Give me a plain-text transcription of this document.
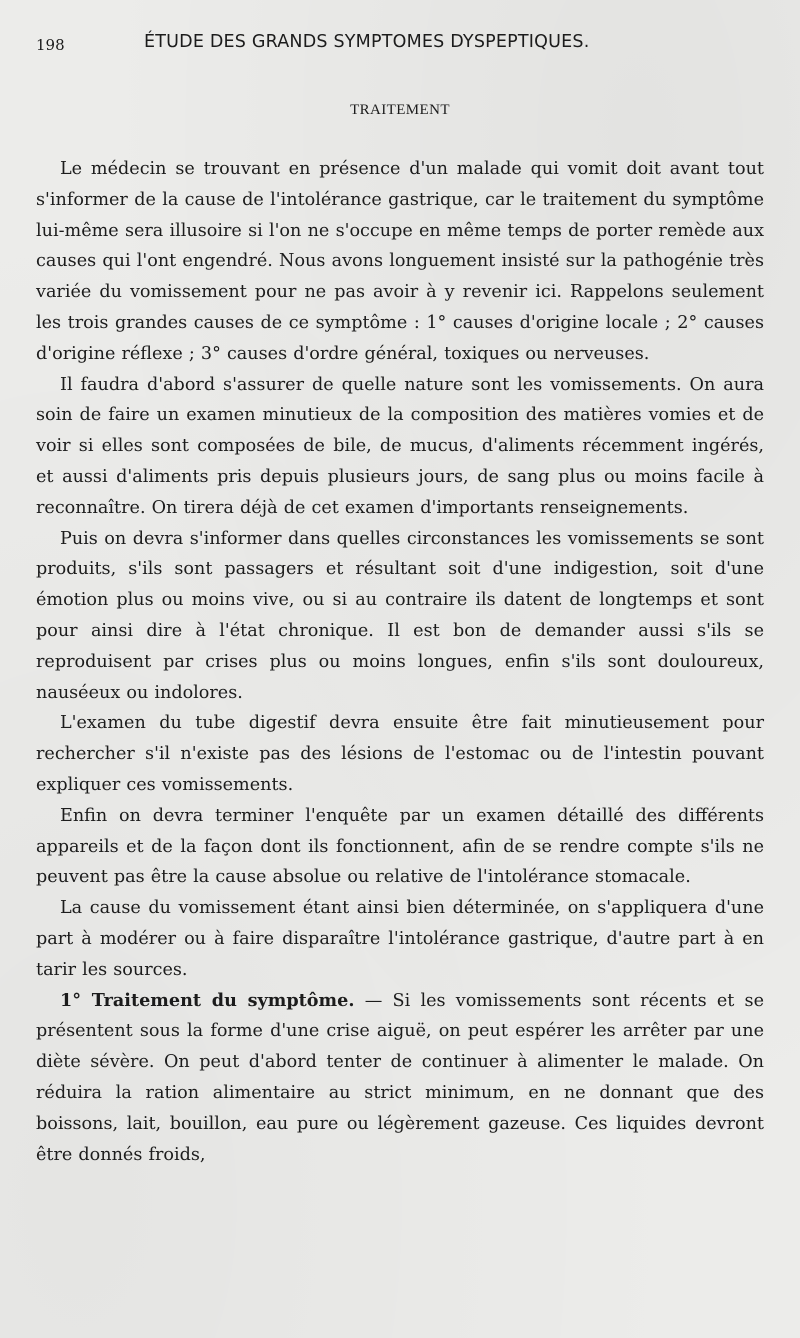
198	ÉTUDE DES GRANDS SYMPTOMES DYSPEPTIQUES.
TRAITEMENT

Le médecin se trouvant en présence d'un malade qui vomit doit avant tout s'informer de la cause de l'intolérance gastrique, car le traitement du symptôme lui-même sera illusoire si l'on ne s'occupe en même temps de porter remède aux causes qui l'ont engendré. Nous avons longuement insisté sur la pathogénie très variée du vomissement pour ne pas avoir à y revenir ici. Rappelons seulement les trois grandes causes de ce symptôme : 1° causes d'origine locale ; 2° causes d'origine réflexe ; 3° causes d'ordre général, toxiques ou nerveuses.

Il faudra d'abord s'assurer de quelle nature sont les vomissements. On aura soin de faire un examen minutieux de la composition des matières vomies et de voir si elles sont composées de bile, de mucus, d'aliments récemment ingérés, et aussi d'aliments pris depuis plusieurs jours, de sang plus ou moins facile à reconnaître. On tirera déjà de cet examen d'importants renseignements.

Puis on devra s'informer dans quelles circonstances les vomissements se sont produits, s'ils sont passagers et résultant soit d'une indigestion, soit d'une émotion plus ou moins vive, ou si au contraire ils datent de longtemps et sont pour ainsi dire à l'état chronique. Il est bon de demander aussi s'ils se reproduisent par crises plus ou moins longues, enfin s'ils sont douloureux, nauséeux ou indolores.

L'examen du tube digestif devra ensuite être fait minutieusement pour rechercher s'il n'existe pas des lésions de l'estomac ou de l'intestin pouvant expliquer ces vomissements.

Enfin on devra terminer l'enquête par un examen détaillé des différents appareils et de la façon dont ils fonctionnent, afin de se rendre compte s'ils ne peuvent pas être la cause absolue ou relative de l'intolérance stomacale.

La cause du vomissement étant ainsi bien déterminée, on s'appliquera d'une part à modérer ou à faire disparaître l'intolérance gastrique, d'autre part à en tarir les sources.

1° Traitement du symptôme. — Si les vomissements sont récents et se présentent sous la forme d'une crise aiguë, on peut espérer les arrêter par une diète sévère. On peut d'abord tenter de continuer à alimenter le malade. On réduira la ration alimentaire au strict minimum, en ne donnant que des boissons, lait, bouillon, eau pure ou légèrement gazeuse. Ces liquides devront être donnés froids,
